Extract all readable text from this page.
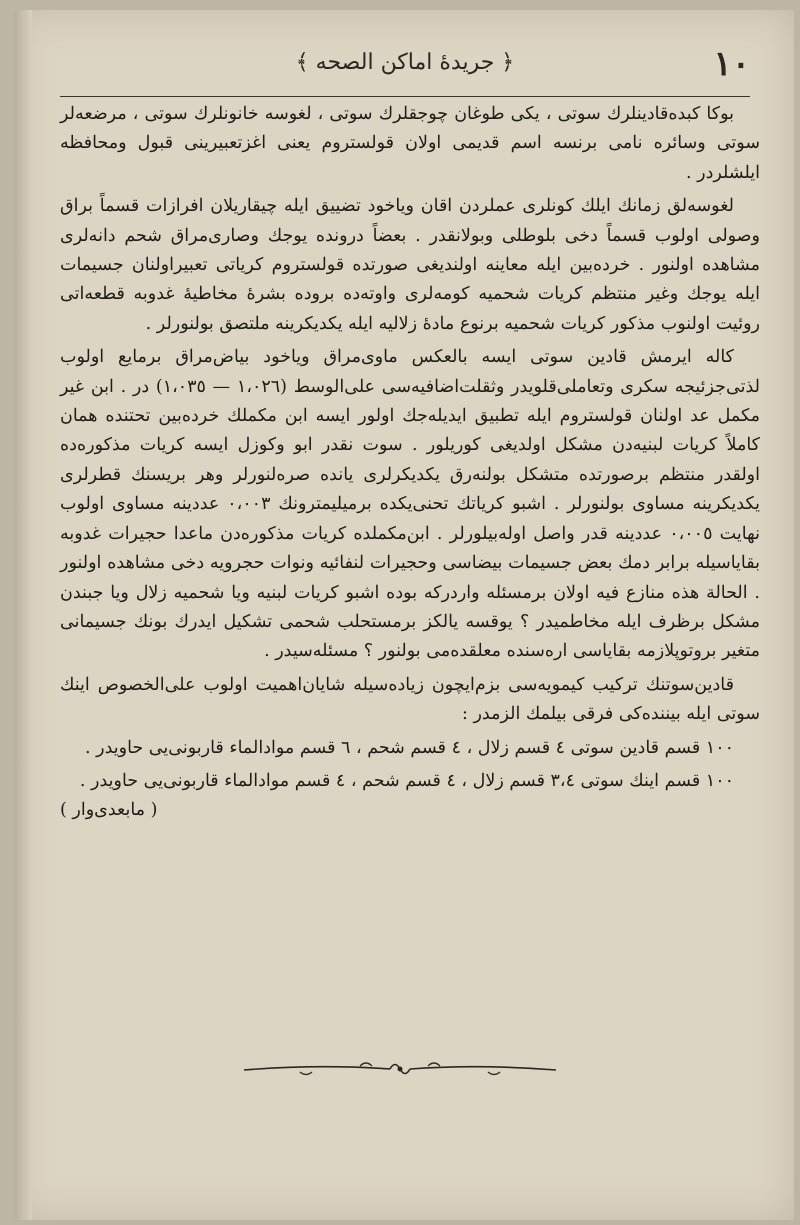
١٠
﴿ جريدهٔ اماكن الصحه ﴾

بوكا كبده‌قادينلرك سوتى ، يكى طوغان چوجقلرك سوتى ، لغوسه خانونلرك سوتى ، مرضعه‌لر سوتى وسائره نامى برنسه اسم قديمى اولان قولستروم يعنى اغزتعبيرينى قبول ومحافظه ايلشلردر .

لغوسه‌لق زمانك ايلك كونلرى عملردن اقان وياخود تضييق ايله چيقاريلان افرازات قسماً براق وصولى اولوب قسماً دخى بلوطلى وبولانقدر . بعضاً درونده يوجك وصارى‌مراق شحم دانه‌لرى مشاهده اولنور . خرده‌بين ايله معاينه اولنديغى صورتده قولستروم كرياتى تعبيراولنان جسيمات ايله يوجك وغير منتظم كريات شحميه كومه‌لرى واوته‌ده بروده بشرهٔ مخاطيهٔ غدوبه قطعه‌اتى روئيت اولنوب مذكور كريات شحميه برنوع مادهٔ زلاليه ايله يكديكرينه ملتصق بولنورلر .

كاله ايرمش قادين سوتى ايسه بالعكس ماوى‌مراق وياخود بياض‌مراق برمايع اولوب لذتى‌جزئيجه سكرى وتعاملى‌قلويدر وثقلت‌اضافيه‌سى على‌الوسط (١،٠٢٦ — ١،٠٣٥) در . ابن غير مكمل عد اولنان قولستروم ايله تطبيق ايديله‌جك اولور ايسه ابن مكملك خرده‌بين تحتنده همان كاملاً كريات لبنيه‌دن مشكل اولديغى كوريلور . سوت نقدر ابو وكوزل ايسه كريات مذكوره‌ده اولقدر منتظم برصورتده متشكل بولنه‌رق يكديكرلرى يانده صره‌لنورلر وهر بريسنك قطرلرى يكديكرينه مساوى بولنورلر . اشبو كرياتك تحنى‌يكده برميليمترونك ٠،٠٠٣ عددينه مساوى اولوب نهايت ٠،٠٠٥ عددينه قدر واصل اوله‌بيلورلر . ابن‌مكملده كريات مذكوره‌دن ماعدا حجيرات غدوبه بقاياسيله برابر دمك بعض جسيمات بيضاسى وحجيرات لنفائيه ونوات حجرويه دخى مشاهده اولنور . الحالة هذه منازع فيه اولان برمسئله واردركه بوده اشبو كريات لبنيه ويا شحميه زلال ويا جبندن مشكل برظرف ايله مخاطميدر ؟ يوقسه يالكز برمستحلب شحمى تشكيل ايدرك بونك جسيمانى متغير بروتوپلازمه بقاياسى ارەسنده معلقدەمى بولنور ؟ مسئله‌سيدر .

قادين‌سوتنك تركيب كيمويه‌سى بزم‌ايچون زياده‌سيله شايان‌اهميت اولوب على‌الخصوص اينك سوتى ايله بيننده‌كى فرقى بيلمك الزمدر :

١٠٠ قسم قادين سوتى ٤ قسم زلال ، ٤ قسم شحم ، ٦ قسم موادالماء قاربونى‌يى حاويدر .

١٠٠ قسم اينك سوتى ٣،٤ قسم زلال ، ٤ قسم شحم ، ٤ قسم موادالماء قاربونى‌يى حاويدر .

( مابعدى‌وار )
